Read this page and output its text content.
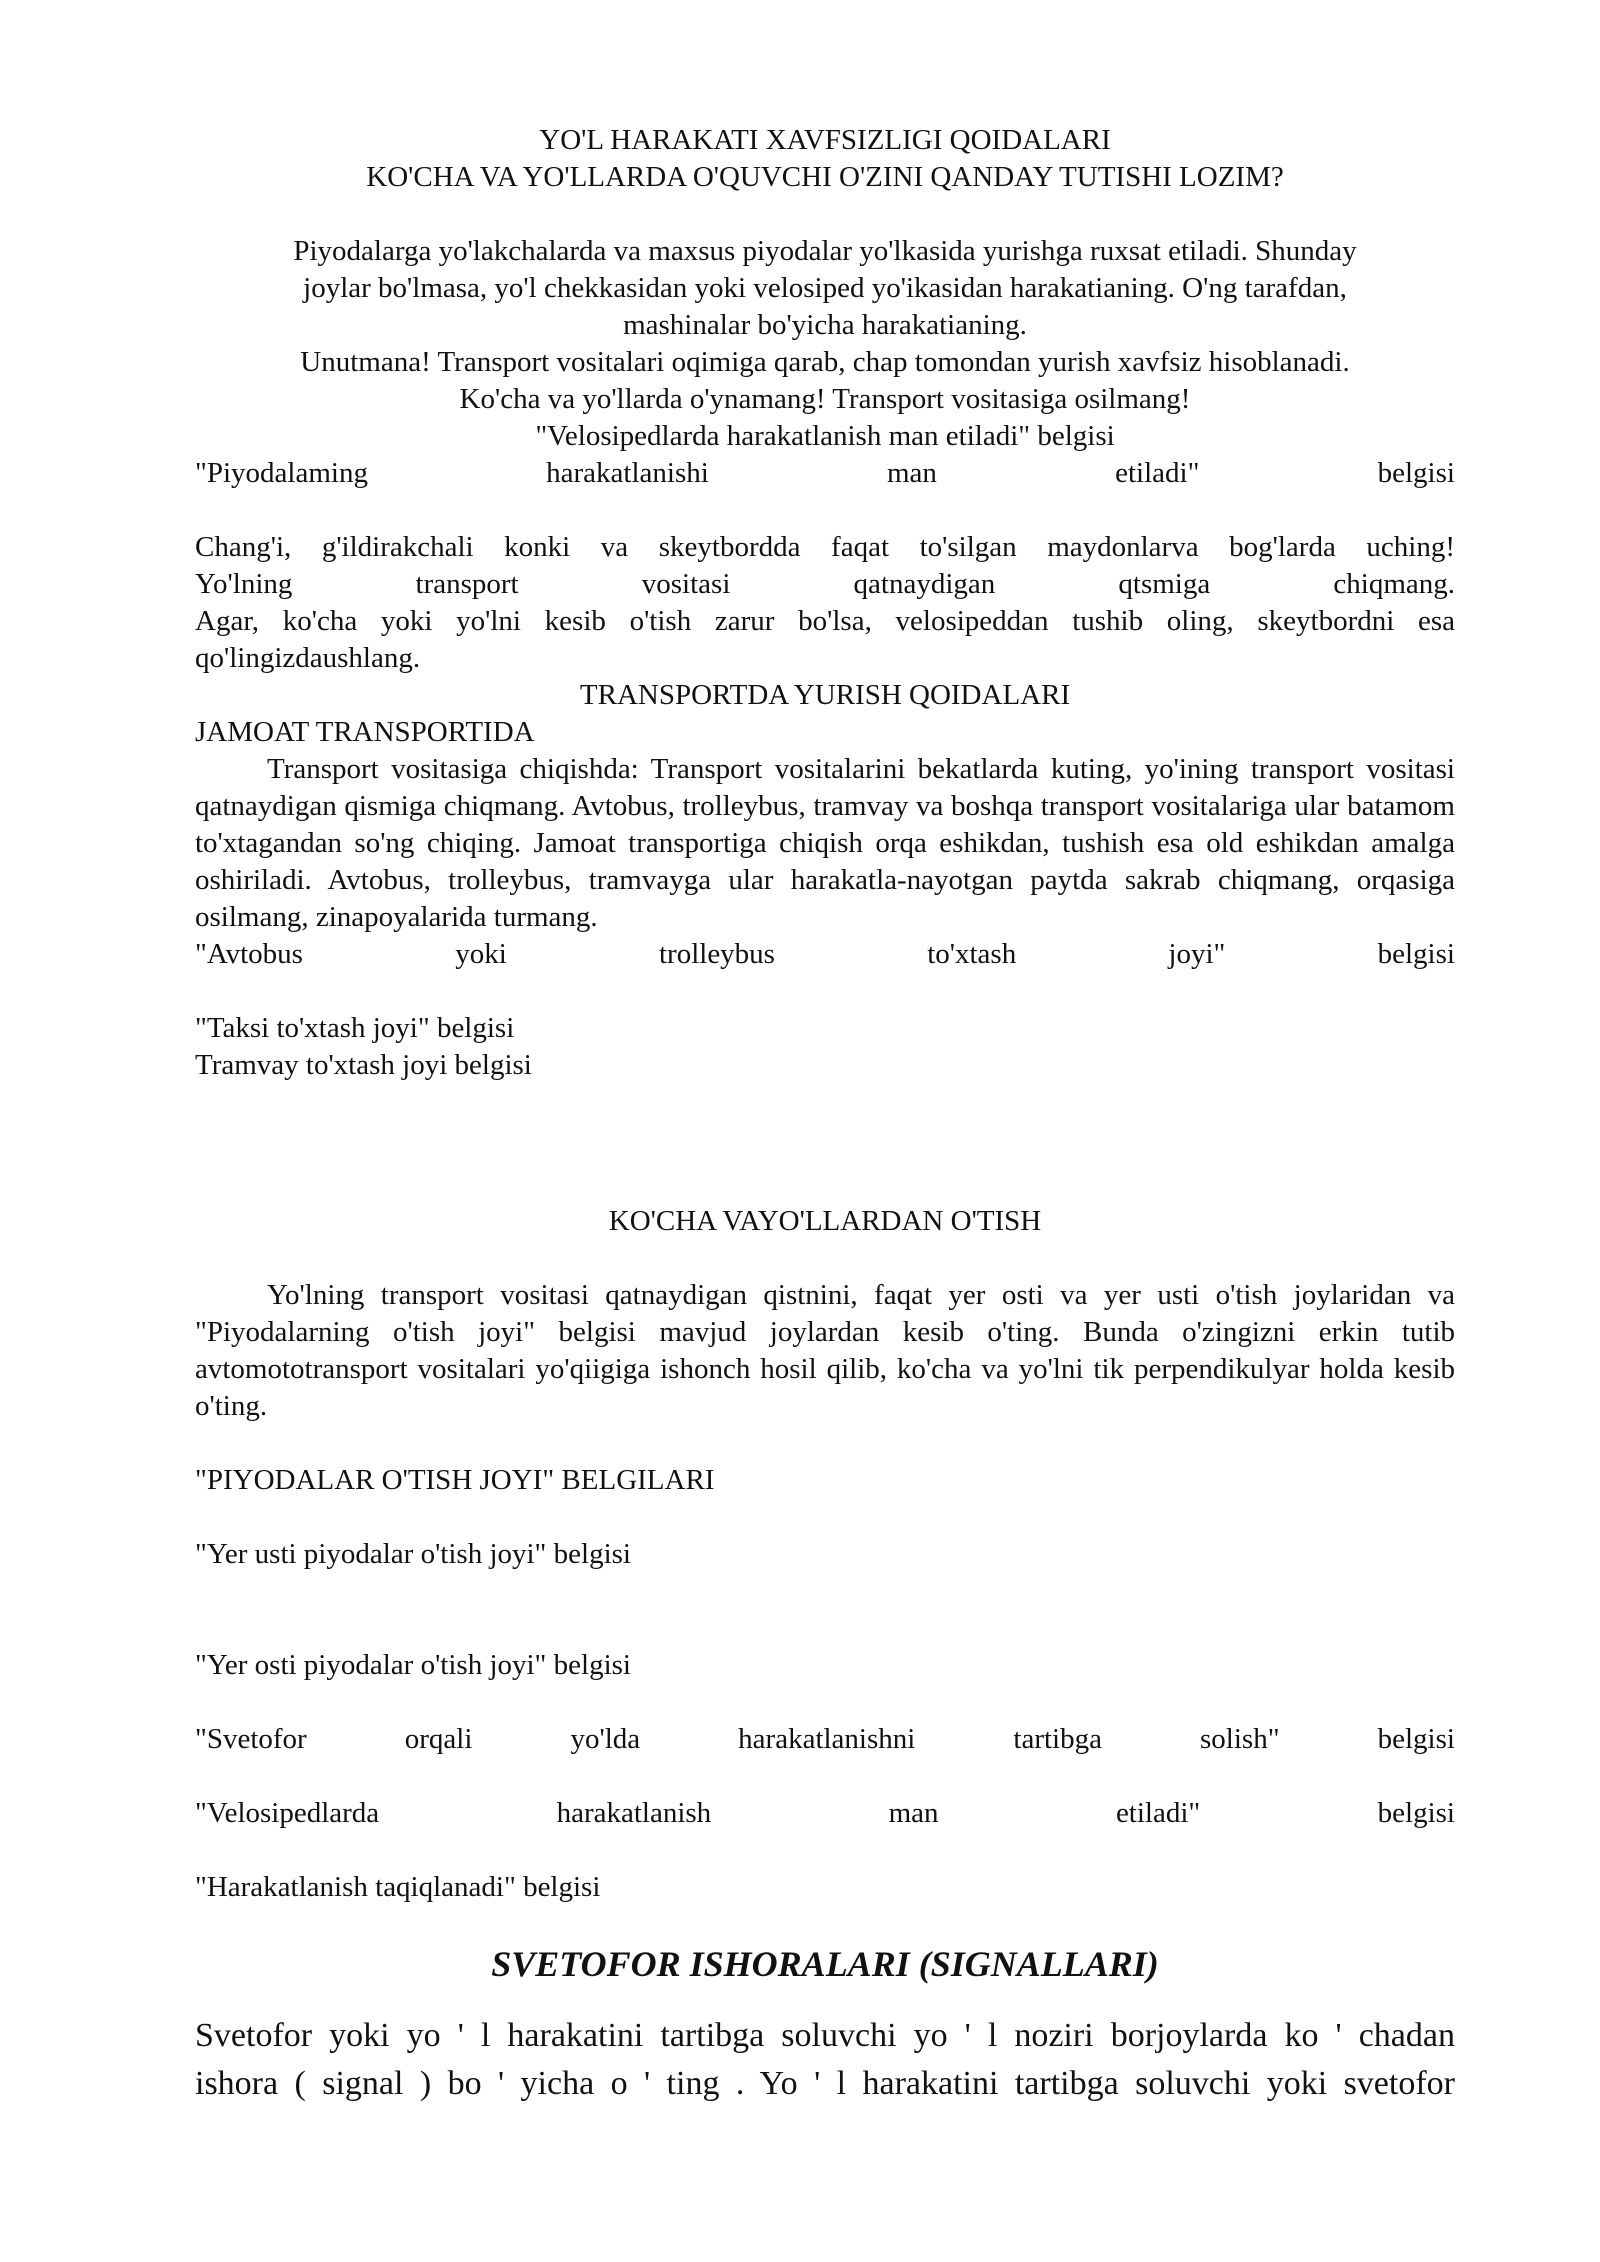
YO'L HARAKATI XAVFSIZLIGI QOIDALARI
KO'CHA VA YO'LLARDA O'QUVCHI O'ZINI QANDAY TUTISHI LOZIM?
Piyodalarga yo'lakchalarda va maxsus piyodalar yo'lkasida yurishga ruxsat etiladi. Shunday
joylar bo'lmasa, yo'l chekkasidan yoki velosiped yo'ikasidan harakatianing. O'ng tarafdan,
mashinalar bo'yicha harakatianing.
Unutmana! Transport vositalari oqimiga qarab, chap tomondan yurish xavfsiz hisoblanadi.
Ko'cha va yo'llarda o'ynamang! Transport vositasiga osilmang!
"Velosipedlarda harakatlanish man etiladi" belgisi
"Piyodalaming	harakatlanishi	man	etiladi"	belgisi
Chang'i, g'ildirakchali konki va skeytbordda faqat to'silgan maydonlarva bog'larda uching!
Yo'lning	transport	vositasi	qatnaydigan	qtsmiga	chiqmang.
Agar, ko'cha yoki yo'lni kesib o'tish zarur bo'lsa, velosipeddan tushib oling, skeytbordni esa
qo'lingizdaushlang.
TRANSPORTDA YURISH QOIDALARI
JAMOAT TRANSPORTIDA
Transport vositasiga chiqishda: Transport vositalarini bekatlarda kuting, yo'ining transport vositasi qatnaydigan qismiga chiqmang. Avtobus, trolleybus, tramvay va boshqa transport vositalariga ular batamom to'xtagandan so'ng chiqing. Jamoat transportiga chiqish orqa eshikdan, tushish esa old eshikdan amalga oshiriladi. Avtobus, trolleybus, tramvayga ular harakatla-nayotgan paytda sakrab chiqmang, orqasiga osilmang, zinapoyalarida turmang.
"Avtobus	yoki	trolleybus	to'xtash	joyi"	belgisi
"Taksi to'xtash joyi" belgisi
Tramvay to'xtash joyi belgisi
KO'CHA VAYO'LLARDAN O'TISH
Yo'lning transport vositasi qatnaydigan qistnini, faqat yer osti va yer usti o'tish joylaridan va "Piyodalarning o'tish joyi" belgisi mavjud joylardan kesib o'ting. Bunda o'zingizni erkin tutib avtomototransport vositalari yo'qiigiga ishonch hosil qilib, ko'cha va yo'lni tik perpendikulyar holda kesib o'ting.
"PIYODALAR O'TISH JOYI" BELGILARI
"Yer usti piyodalar o'tish joyi" belgisi
"Yer osti piyodalar o'tish joyi" belgisi
"Svetofor	orqali	yo'lda	harakatlanishni	tartibga	solish"	belgisi
"Velosipedlarda	harakatlanish	man	etiladi"	belgisi
"Harakatlanish taqiqlanadi" belgisi
SVETOFOR ISHORALARI (SIGNALLARI)
Svetofor yoki yo ' l harakatini tartibga soluvchi yo ' l noziri borjoylarda ko ' chadan
ishora ( signal ) bo ' yicha o ' ting . Yo ' l harakatini tartibga soluvchi yoki svetofor
